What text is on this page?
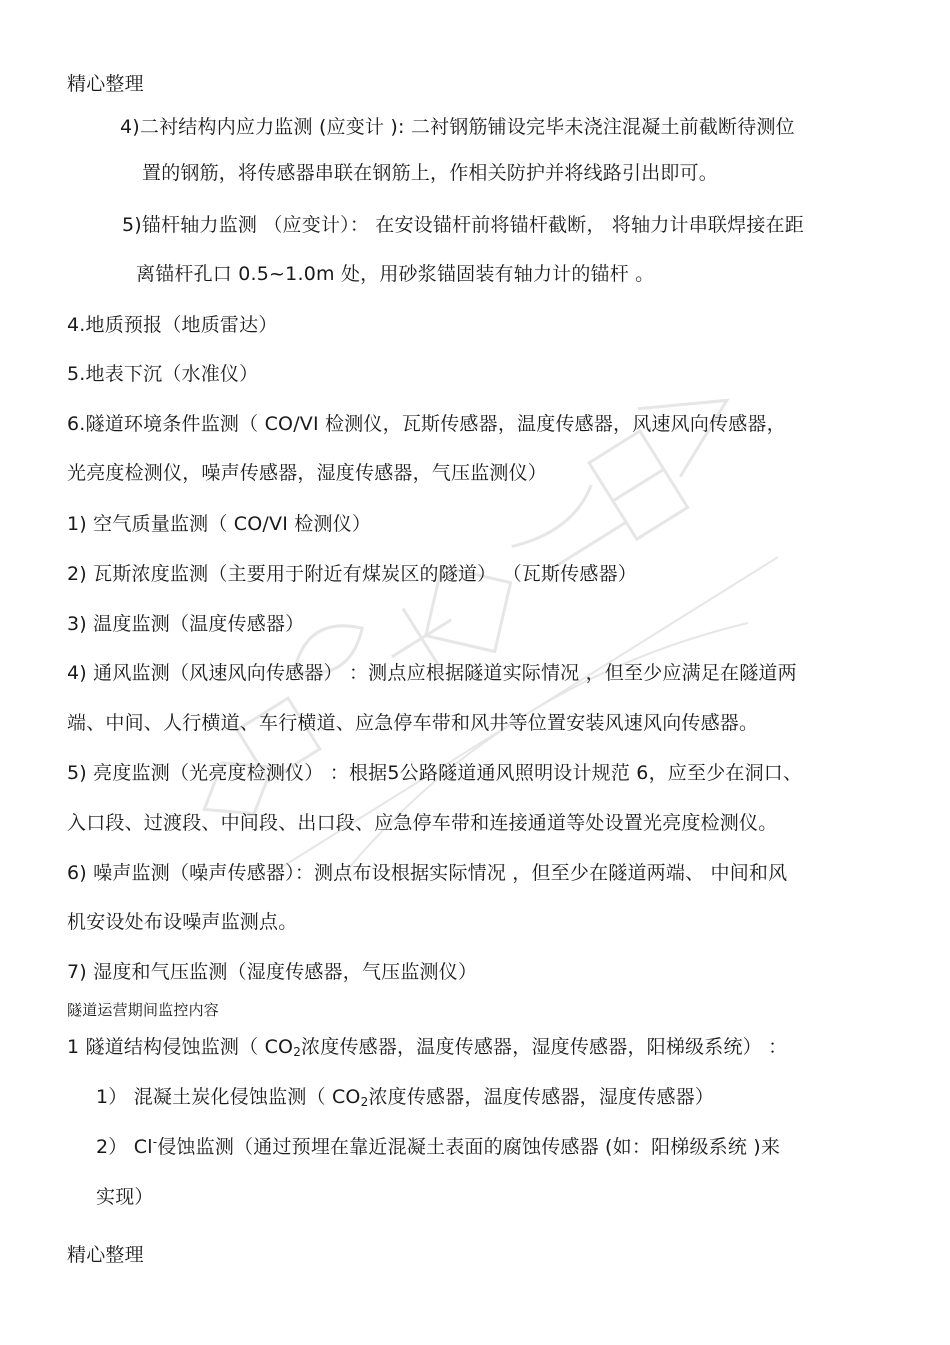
精心整理
4)二衬结构内应力监测 (应变计 ): 二衬钢筋铺设完毕未浇注混凝土前截断待测位
置的钢筋，将传感器串联在钢筋上，作相关防护并将线路引出即可。
5)锚杆轴力监测 （应变计）： 在安设锚杆前将锚杆截断， 将轴力计串联焊接在距
离锚杆孔口 0.5~1.0m 处，用砂浆锚固装有轴力计的锚杆 。
4.地质预报（地质雷达）
5.地表下沉（水准仪）
6.隧道环境条件监测（ CO/VI 检测仪，瓦斯传感器，温度传感器，风速风向传感器，
光亮度检测仪，噪声传感器，湿度传感器，气压监测仪）
1) 空气质量监测（ CO/VI 检测仪）
2) 瓦斯浓度监测（主要用于附近有煤炭区的隧道） （瓦斯传感器）
3) 温度监测（温度传感器）
4) 通风监测（风速风向传感器） ：测点应根据隧道实际情况 ，但至少应满足在隧道两
端、中间、人行横道、车行横道、应急停车带和风井等位置安装风速风向传感器。
5) 亮度监测（光亮度检测仪） ：根据5公路隧道通风照明设计规范 6，应至少在洞口、
入口段、过渡段、中间段、出口段、应急停车带和连接通道等处设置光亮度检测仪。
6) 噪声监测（噪声传感器）：测点布设根据实际情况 ，但至少在隧道两端、 中间和风
机安设处布设噪声监测点。
7) 湿度和气压监测（湿度传感器，气压监测仪）
隧道运营期间监控内容
1 隧道结构侵蚀监测（ $CO_2$浓度传感器，温度传感器，湿度传感器，阳梯级系统） ：
1） 混凝土炭化侵蚀监测（ $CO_2$浓度传感器，温度传感器，湿度传感器）
2） Cl-侵蚀监测（通过预埋在靠近混凝土表面的腐蚀传感器 (如：阳梯级系统 )来
实现）
精心整理
